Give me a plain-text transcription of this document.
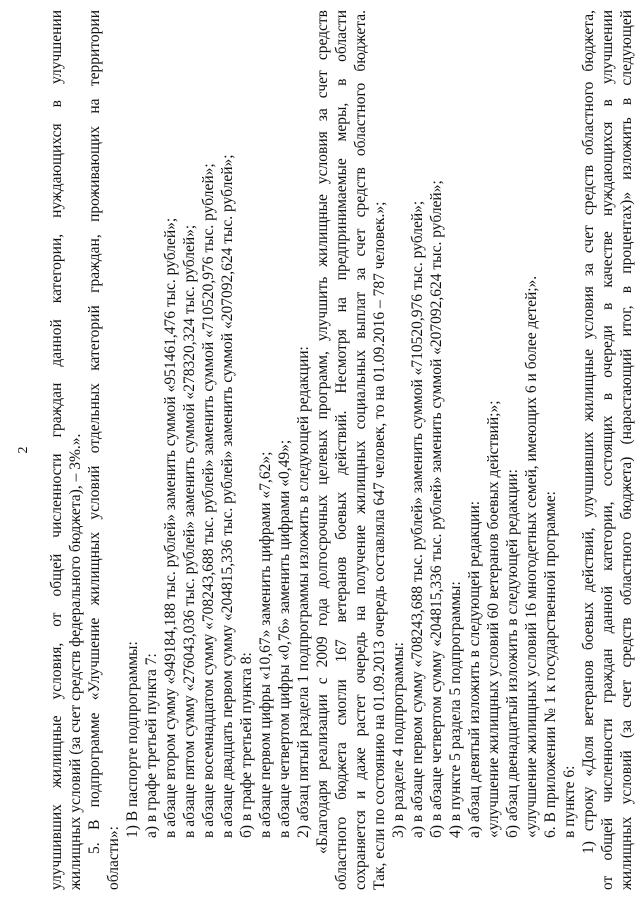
2 улучшивших жилищные условия, от общей численности граждан данной категории, нуждающихся в улучшении жилищных условий (за счет средств федерального бюджета), – 3%.». 5. В подпрограмме «Улучшение жилищных условий отдельных категорий граждан, проживающих на территории
области»:
1) В паспорте подпрограммы: а) в графе третьей пункта 7: в абзаце втором сумму «949184,188 тыс. рублей» заменить суммой «951461,476 тыс. рублей»; в абзаце пятом сумму «276043,036 тыс. рублей» заменить суммой «278320,324 тыс. рублей»; в абзаце восемнадцатом сумму «708243,688 тыс. рублей» заменить суммой «710520,976 тыс. рублей»; в абзаце двадцать первом сумму «204815,336 тыс. рублей» заменить суммой «207092,624 тыс. рублей»; б) в графе третьей пункта 8: в абзаце первом цифры «10,67» заменить цифрами «7,62»; в абзаце четвертом цифры «0,76» заменить цифрами «0,49»; 2) абзац пятый раздела 1 подпрограммы изложить в следующей редакции: «Благодаря реализации с 2009 года долгосрочных целевых программ, улучшить жилищные условия за счет средств областного бюджета смогли 167 ветеранов боевых действий. Несмотря на предпринимаемые меры, в области сохраняется и даже растет очередь на получение жилищных социальных выплат за счет средств областного бюджета. Так, если по состоянию на 01.09.2013 очередь составляла 647 человек, то на 01.09.2016 – 787 человек.»; 3) в разделе 4 подпрограммы: а) в абзаце первом сумму «708243,688 тыс. рублей» заменить суммой «710520,976 тыс. рублей»; б) в абзаце четвертом сумму «204815,336 тыс. рублей» заменить суммой «207092,624 тыс. рублей»; 4) в пункте 5 раздела 5 подпрограммы: а) абзац девятый изложить в следующей редакции: «улучшение жилищных условий 60 ветеранов боевых действий;»; б) абзац двенадцатый изложить в следующей редакции: «улучшение жилищных условий 16 многодетных семей, имеющих 6 и более детей;». 6. В приложении № 1 к государственной программе: в пункте 6: 1) строку «Доля ветеранов боевых действий, улучшивших жилищные условия за счет средств областного бюджета, от общей численности граждан данной категории, состоящих в очереди в качестве нуждающихся в улучшении жилищных условий (за счет средств областного бюджета) (нарастающий итог, в процентах)» изложить в следующей
